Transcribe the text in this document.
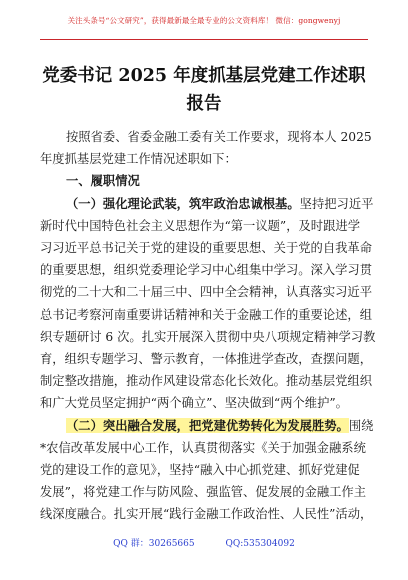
关注头条号“公文研究”，获得最新最全最专业的公文资料库！ 微信：gongwenyj
党委书记 2025 年度抓基层党建工作述职
报告

按照省委、省委金融工委有关工作要求，现将本人 2025

年度抓基层党建工作情况述职如下：

一、履职情况

（一）强化理论武装，筑牢政治忠诚根基。坚持把习近平

新时代中国特色社会主义思想作为“第一议题”，及时跟进学

习习近平总书记关于党的建设的重要思想、关于党的自我革命

的重要思想，组织党委理论学习中心组集中学习。深入学习贯

彻党的二十大和二十届三中、四中全会精神，认真落实习近平

总书记考察河南重要讲话精神和关于金融工作的重要论述，组

织专题研讨 6 次。扎实开展深入贯彻中央八项规定精神学习教

育，组织专题学习、警示教育，一体推进学查改，查摆问题，

制定整改措施，推动作风建设常态化长效化。推动基层党组织

和广大党员坚定拥护“两个确立”、坚决做到“两个维护”。

（二）突出融合发展，把党建优势转化为发展胜势。围绕

*农信改革发展中心工作，认真贯彻落实《关于加强金融系统

党的建设工作的意见》，坚持“融入中心抓党建、抓好党建促

发展”，将党建工作与防风险、强监管、促发展的金融工作主

线深度融合。扎实开展“践行金融工作政治性、人民性”活动，

QQ 群：30265665	QQ:535304092
